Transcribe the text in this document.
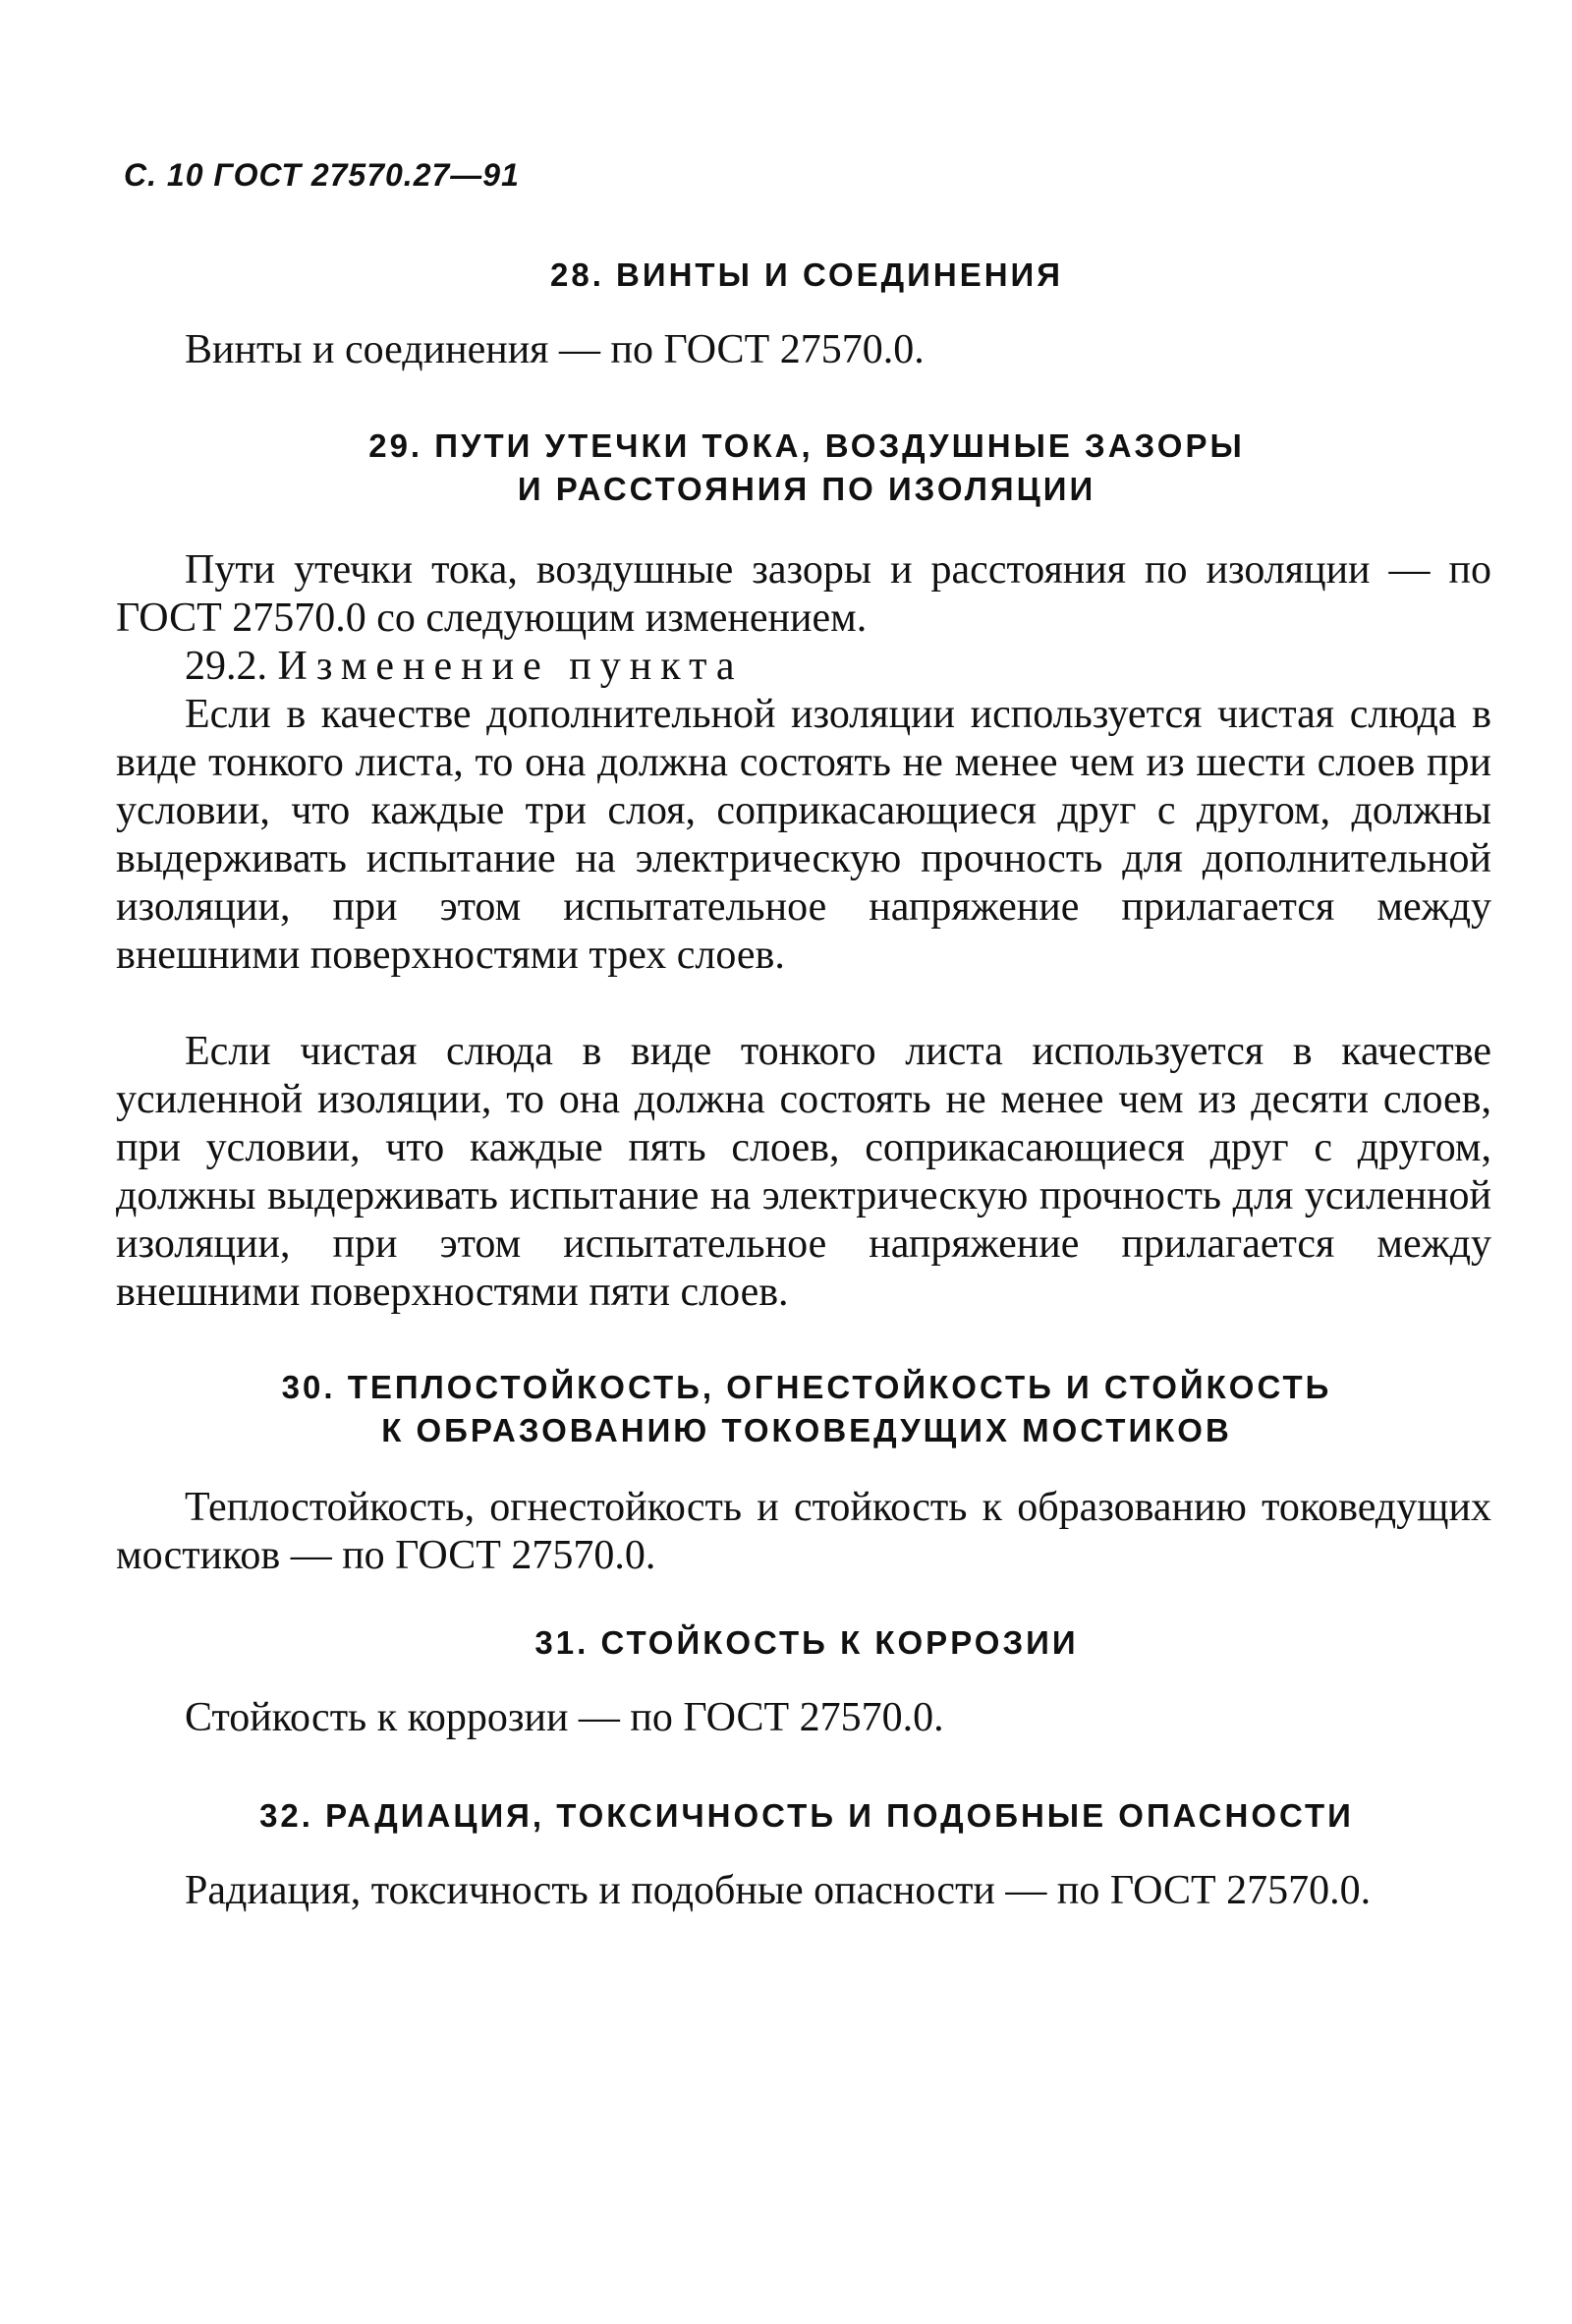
С. 10 ГОСТ 27570.27—91
28. ВИНТЫ И СОЕДИНЕНИЯ

Винты и соединения — по ГОСТ 27570.0.

29. ПУТИ УТЕЧКИ ТОКА, ВОЗДУШНЫЕ ЗАЗОРЫ
И РАССТОЯНИЯ ПО ИЗОЛЯЦИИ

Пути утечки тока, воздушные зазоры и расстояния по изоляции — по ГОСТ 27570.0 со следующим изменением.

29.2. Изменение пункта

Если в качестве дополнительной изоляции используется чистая слюда в виде тонкого листа, то она должна состоять не менее чем из шести слоев при условии, что каждые три слоя, соприкасающиеся друг с другом, должны выдерживать испытание на электрическую прочность для дополнительной изоляции, при этом испытательное напряжение прилагается между внешними поверхностями трех слоев.

Если чистая слюда в виде тонкого листа используется в качестве усиленной изоляции, то она должна состоять не менее чем из десяти слоев, при условии, что каждые пять слоев, соприкасающиеся друг с другом, должны выдерживать испытание на электрическую прочность для усиленной изоляции, при этом испытательное напряжение прилагается между внешними поверхностями пяти слоев.

30. ТЕПЛОСТОЙКОСТЬ, ОГНЕСТОЙКОСТЬ И СТОЙКОСТЬ
К ОБРАЗОВАНИЮ ТОКОВЕДУЩИХ МОСТИКОВ

Теплостойкость, огнестойкость и стойкость к образованию токоведущих мостиков — по ГОСТ 27570.0.

31. СТОЙКОСТЬ К КОРРОЗИИ

Стойкость к коррозии — по ГОСТ 27570.0.

32. РАДИАЦИЯ, ТОКСИЧНОСТЬ И ПОДОБНЫЕ ОПАСНОСТИ

Радиация, токсичность и подобные опасности — по ГОСТ 27570.0.
